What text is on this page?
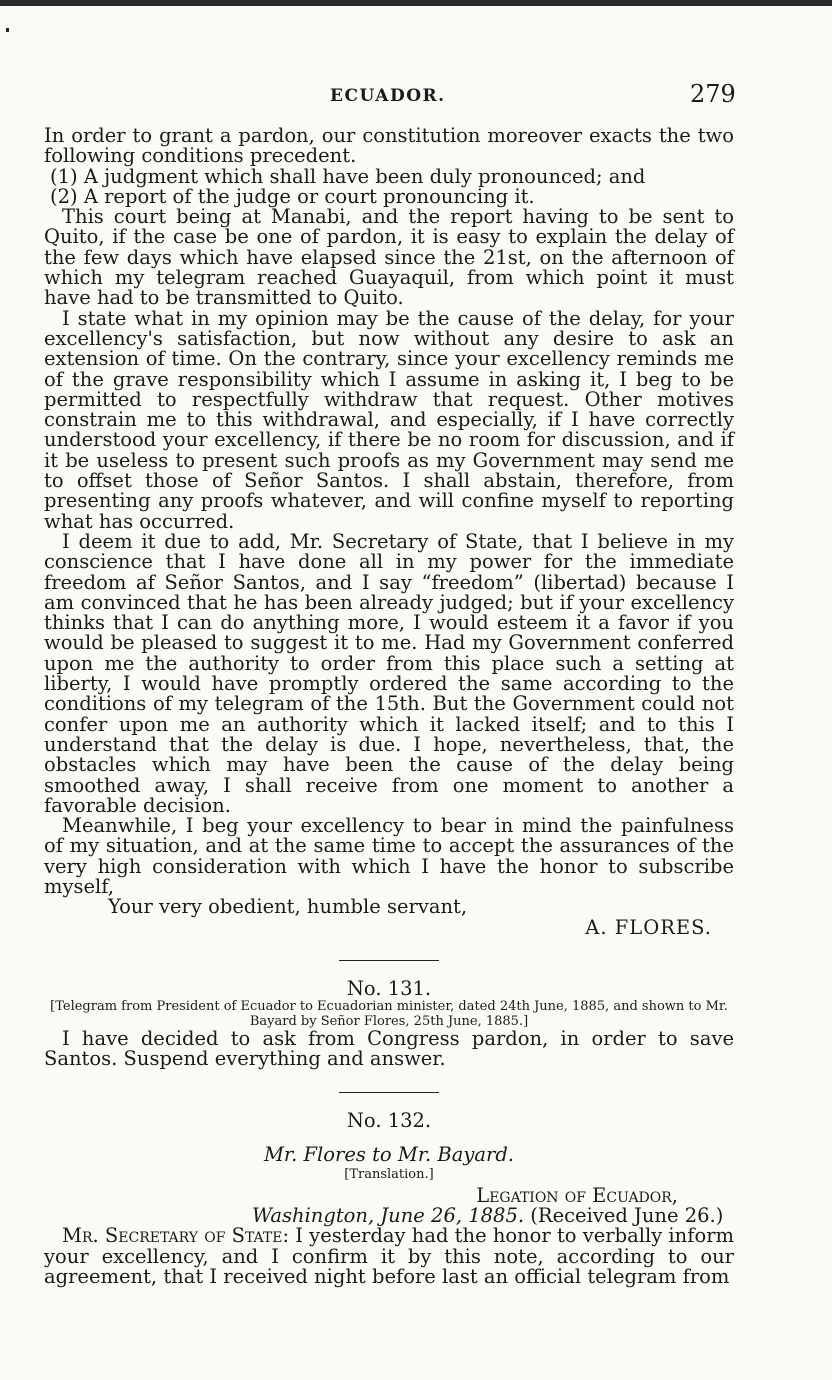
ECUADOR.	279

In order to grant a pardon, our constitution moreover exacts the two following conditions precedent.

(1) A judgment which shall have been duly pronounced; and

(2) A report of the judge or court pronouncing it.

This court being at Manabi, and the report having to be sent to Quito, if the case be one of pardon, it is easy to explain the delay of the few days which have elapsed since the 21st, on the afternoon of which my telegram reached Guayaquil, from which point it must have had to be transmitted to Quito.

I state what in my opinion may be the cause of the delay, for your excellency's satisfaction, but now without any desire to ask an extension of time. On the contrary, since your excellency reminds me of the grave responsibility which I assume in asking it, I beg to be permitted to respectfully withdraw that request. Other motives constrain me to this withdrawal, and especially, if I have correctly understood your excellency, if there be no room for discussion, and if it be useless to present such proofs as my Government may send me to offset those of Señor Santos. I shall abstain, therefore, from presenting any proofs whatever, and will confine myself to reporting what has occurred.

I deem it due to add, Mr. Secretary of State, that I believe in my conscience that I have done all in my power for the immediate freedom af Señor Santos, and I say “freedom” (libertad) because I am convinced that he has been already judged; but if your excellency thinks that I can do anything more, I would esteem it a favor if you would be pleased to suggest it to me. Had my Government conferred upon me the authority to order from this place such a setting at liberty, I would have promptly ordered the same according to the conditions of my telegram of the 15th. But the Government could not confer upon me an authority which it lacked itself; and to this I understand that the delay is due. I hope, nevertheless, that, the obstacles which may have been the cause of the delay being smoothed away, I shall receive from one moment to another a favorable decision.

Meanwhile, I beg your excellency to bear in mind the painfulness of my situation, and at the same time to accept the assurances of the very high consideration with which I have the honor to subscribe myself,

Your very obedient, humble servant,

A. FLORES.

No. 131.

[Telegram from President of Ecuador to Ecuadorian minister, dated 24th June, 1885, and shown to Mr. Bayard by Señor Flores, 25th June, 1885.]

I have decided to ask from Congress pardon, in order to save Santos. Suspend everything and answer.

No. 132.

Mr. Flores to Mr. Bayard.

[Translation.]

Legation of Ecuador,

Washington, June 26, 1885. (Received June 26.)

Mr. Secretary of State: I yesterday had the honor to verbally inform your excellency, and I confirm it by this note, according to our agreement, that I received night before last an official telegram from
